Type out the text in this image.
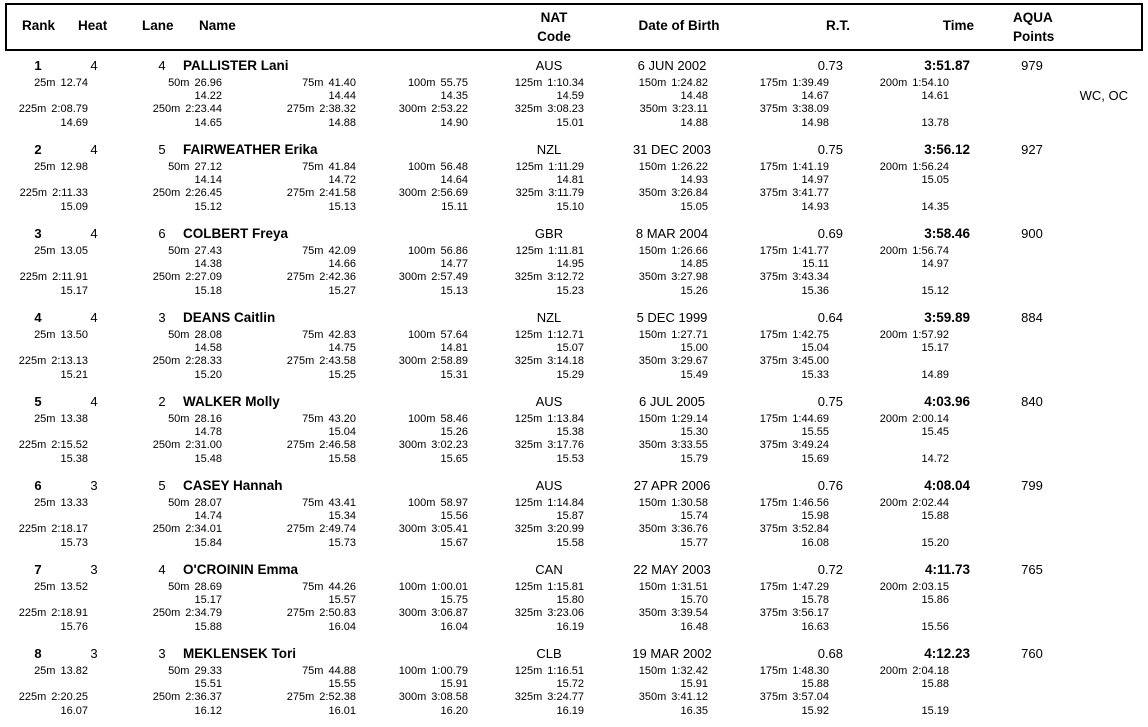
Rank Heat	Lane Name
NAT
Code
Date of Birth	R.T.	Time
AQUA
Points
1	4	4	PALLISTER Lani	AUS	6 JUN 2002	0.73	3:51.87	979
WC, OC
25m 12.74	50m 26.96	75m 41.40	100m 55.75	125m 1:10.34	150m 1:24.82	175m 1:39.49	200m 1:54.10
14.22	14.44	14.35	14.59	14.48	14.67	14.61
225m 2:08.79	250m 2:23.44	275m 2:38.32	300m 2:53.22	325m 3:08.23	350m 3:23.11	375m 3:38.09
14.69	14.65	14.88	14.90	15.01	14.88	14.98	13.78
2	4	5	FAIRWEATHER Erika	NZL	31 DEC 2003	0.75	3:56.12	927
25m 12.98	50m 27.12	75m 41.84	100m 56.48	125m 1:11.29	150m 1:26.22	175m 1:41.19	200m 1:56.24
14.14	14.72	14.64	14.81	14.93	14.97	15.05
225m 2:11.33	250m 2:26.45	275m 2:41.58	300m 2:56.69	325m 3:11.79	350m 3:26.84	375m 3:41.77
15.09	15.12	15.13	15.11	15.10	15.05	14.93	14.35
3	4	6	COLBERT Freya	GBR	8 MAR 2004	0.69	3:58.46	900
25m 13.05	50m 27.43	75m 42.09	100m 56.86	125m 1:11.81	150m 1:26.66	175m 1:41.77	200m 1:56.74
14.38	14.66	14.77	14.95	14.85	15.11	14.97
225m 2:11.91	250m 2:27.09	275m 2:42.36	300m 2:57.49	325m 3:12.72	350m 3:27.98	375m 3:43.34
15.17	15.18	15.27	15.13	15.23	15.26	15.36	15.12
4	4	3	DEANS Caitlin	NZL	5 DEC 1999	0.64	3:59.89	884
25m 13.50	50m 28.08	75m 42.83	100m 57.64	125m 1:12.71	150m 1:27.71	175m 1:42.75	200m 1:57.92
14.58	14.75	14.81	15.07	15.00	15.04	15.17
225m 2:13.13	250m 2:28.33	275m 2:43.58	300m 2:58.89	325m 3:14.18	350m 3:29.67	375m 3:45.00
15.21	15.20	15.25	15.31	15.29	15.49	15.33	14.89
5	4	2	WALKER Molly	AUS	6 JUL 2005	0.75	4:03.96	840
25m 13.38	50m 28.16	75m 43.20	100m 58.46	125m 1:13.84	150m 1:29.14	175m 1:44.69	200m 2:00.14
14.78	15.04	15.26	15.38	15.30	15.55	15.45
225m 2:15.52	250m 2:31.00	275m 2:46.58	300m 3:02.23	325m 3:17.76	350m 3:33.55	375m 3:49.24
15.38	15.48	15.58	15.65	15.53	15.79	15.69	14.72
6	3	5	CASEY Hannah	AUS	27 APR 2006	0.76	4:08.04	799
25m 13.33	50m 28.07	75m 43.41	100m 58.97	125m 1:14.84	150m 1:30.58	175m 1:46.56	200m 2:02.44
14.74	15.34	15.56	15.87	15.74	15.98	15.88
225m 2:18.17	250m 2:34.01	275m 2:49.74	300m 3:05.41	325m 3:20.99	350m 3:36.76	375m 3:52.84
15.73	15.84	15.73	15.67	15.58	15.77	16.08	15.20
7	3	4	O'CROININ Emma	CAN	22 MAY 2003	0.72	4:11.73	765
25m 13.52	50m 28.69	75m 44.26	100m 1:00.01	125m 1:15.81	150m 1:31.51	175m 1:47.29	200m 2:03.15
15.17	15.57	15.75	15.80	15.70	15.78	15.86
225m 2:18.91	250m 2:34.79	275m 2:50.83	300m 3:06.87	325m 3:23.06	350m 3:39.54	375m 3:56.17
15.76	15.88	16.04	16.04	16.19	16.48	16.63	15.56
8	3	3	MEKLENSEK Tori	CLB	19 MAR 2002	0.68	4:12.23	760
25m 13.82	50m 29.33	75m 44.88	100m 1:00.79	125m 1:16.51	150m 1:32.42	175m 1:48.30	200m 2:04.18
15.51	15.55	15.91	15.72	15.91	15.88	15.88
225m 2:20.25	250m 2:36.37	275m 2:52.38	300m 3:08.58	325m 3:24.77	350m 3:41.12	375m 3:57.04
16.07	16.12	16.01	16.20	16.19	16.35	15.92	15.19
